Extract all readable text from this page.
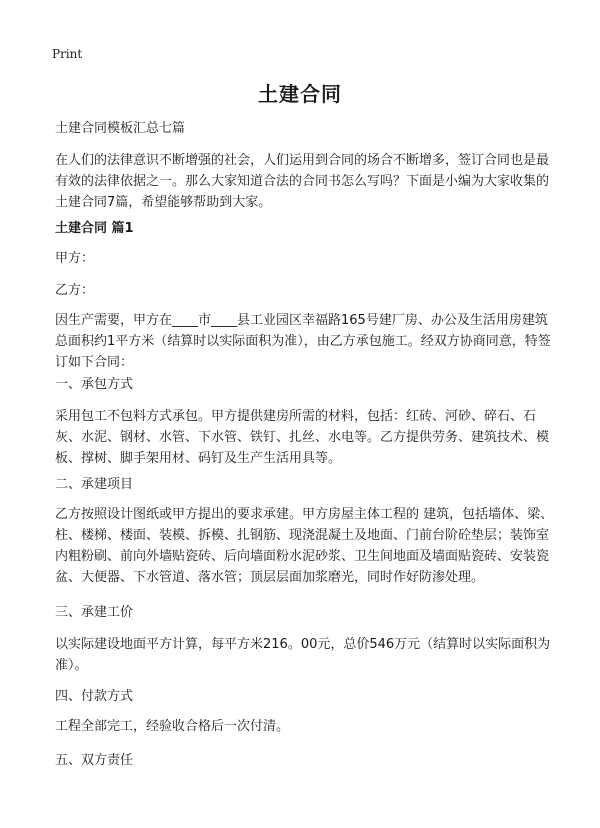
Print
土建合同

土建合同模板汇总七篇

在人们的法律意识不断增强的社会，人们运用到合同的场合不断增多，签订合同也是最有效的法律依据之一。那么大家知道合法的合同书怎么写吗？下面是小编为大家收集的土建合同7篇，希望能够帮助到大家。

土建合同 篇1

甲方：

乙方：

因生产需要，甲方在____市____县工业园区幸福路165号建厂房、办公及生活用房建筑总面积约1平方米（结算时以实际面积为准），由乙方承包施工。经双方协商同意，特签订如下合同：

一、承包方式

采用包工不包料方式承包。甲方提供建房所需的材料，包括：红砖、河砂、碎石、石灰、水泥、钢材、水管、下水管、铁钉、扎丝、水电等。乙方提供劳务、建筑技术、模板、撑树、脚手架用材、码钉及生产生活用具等。

二、承建项目

乙方按照设计图纸或甲方提出的要求承建。甲方房屋主体工程的 建筑，包括墙体、梁、柱、楼梯、楼面、装模、拆模、扎钢筋、现浇混凝土及地面、门前台阶砼垫层；装饰室内粗粉刷、前向外墙贴瓷砖、后向墙面粉水泥砂浆、卫生间地面及墙面贴瓷砖、安装瓷盆、大便器、下水管道、落水管；顶层层面加浆磨光，同时作好防渗处理。

三、承建工价

以实际建设地面平方计算，每平方米216。00元，总价546万元（结算时以实际面积为准）。

四、付款方式

工程全部完工，经验收合格后一次付清。

五、双方责任
